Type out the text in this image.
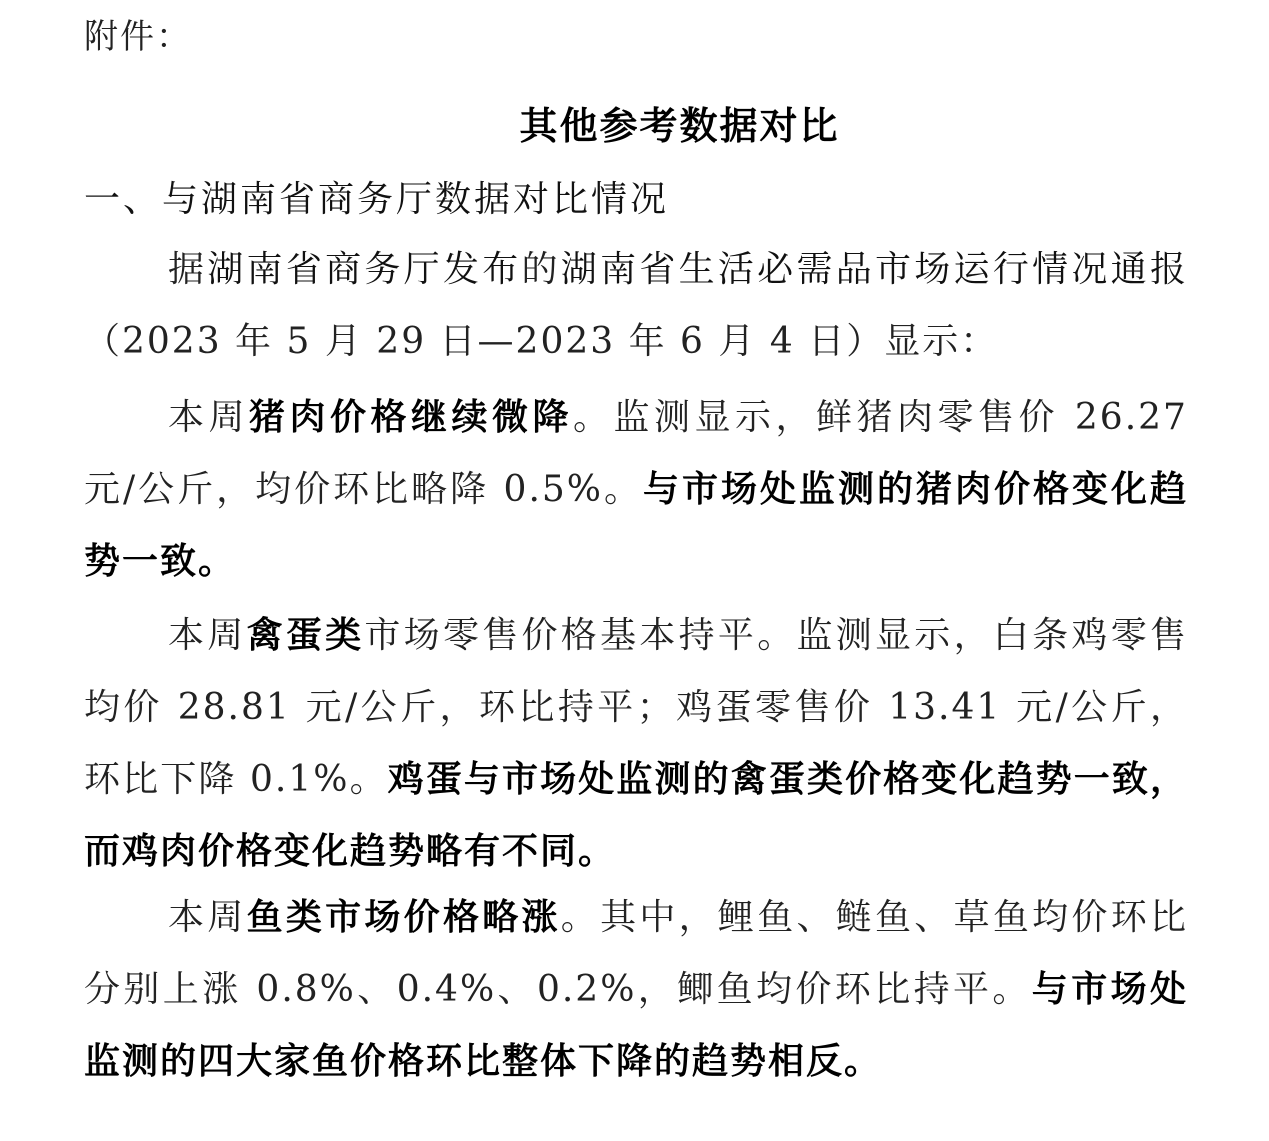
附件：
其他参考数据对比
一、与湖南省商务厅数据对比情况

据湖南省商务厅发布的湖南省生活必需品市场运行情况通报（2023 年 5 月 29 日—2023 年 6 月 4 日）显示：

本周猪肉价格继续微降。监测显示，鲜猪肉零售价 26.27 元/公斤，均价环比略降 0.5%。与市场处监测的猪肉价格变化趋势一致。

本周禽蛋类市场零售价格基本持平。监测显示，白条鸡零售均价 28.81 元/公斤，环比持平；鸡蛋零售价 13.41 元/公斤，环比下降 0.1%。鸡蛋与市场处监测的禽蛋类价格变化趋势一致，而鸡肉价格变化趋势略有不同。

本周鱼类市场价格略涨。其中，鲤鱼、鲢鱼、草鱼均价环比分别上涨 0.8%、0.4%、0.2%，鲫鱼均价环比持平。与市场处监测的四大家鱼价格环比整体下降的趋势相反。
